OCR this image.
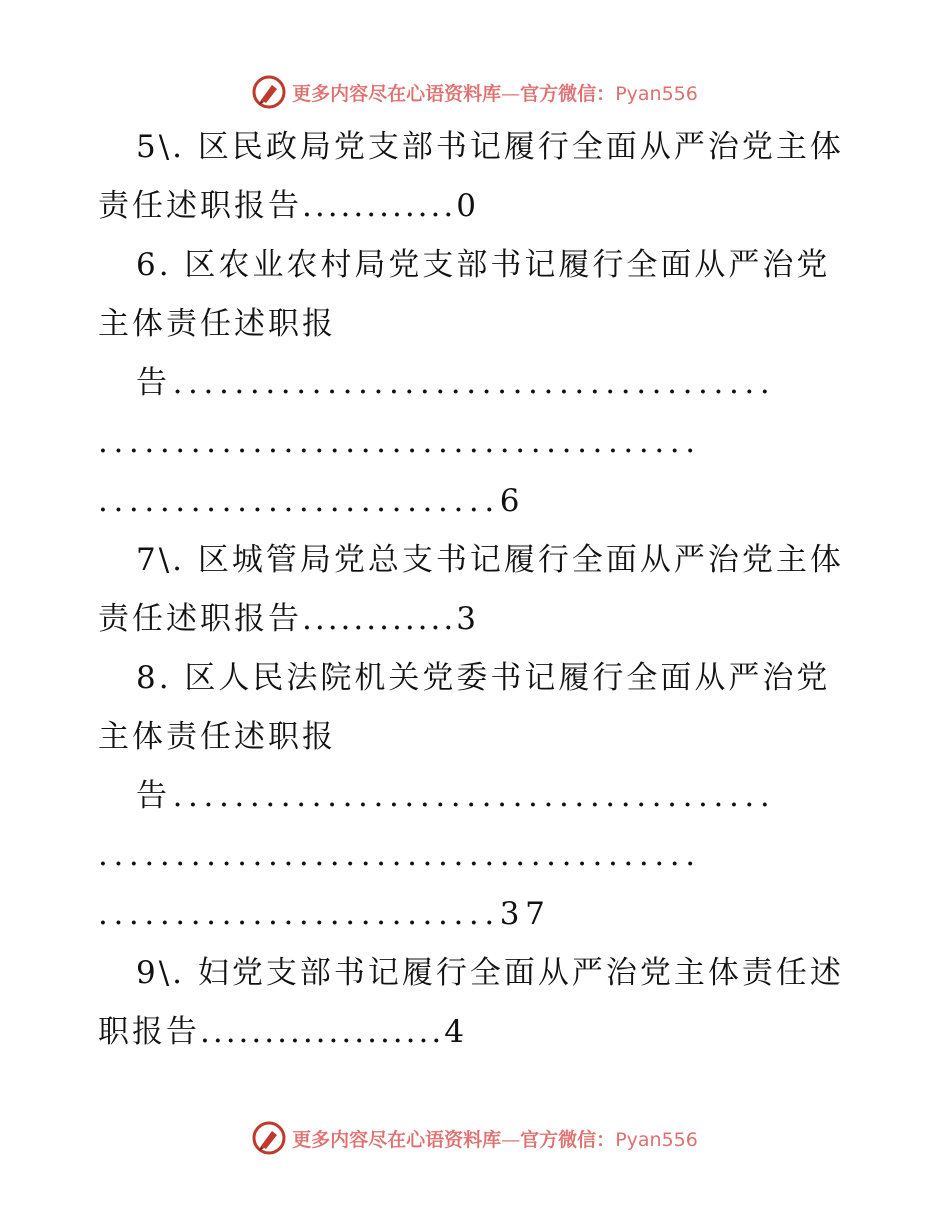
更多内容尽在心语资料库—官方微信：Pyan556
5\. 区民政局党支部书记履行全面从严治党主体
责任述职报告............0
6. 区农业农村局党支部书记履行全面从严治党
主体责任述职报
告.......................................
.......................................
..........................6
7\. 区城管局党总支书记履行全面从严治党主体
责任述职报告............3
8. 区人民法院机关党委书记履行全面从严治党
主体责任述职报
告.......................................
.......................................
..........................37
9\. 妇党支部书记履行全面从严治党主体责任述
职报告...................4
更多内容尽在心语资料库—官方微信：Pyan556
